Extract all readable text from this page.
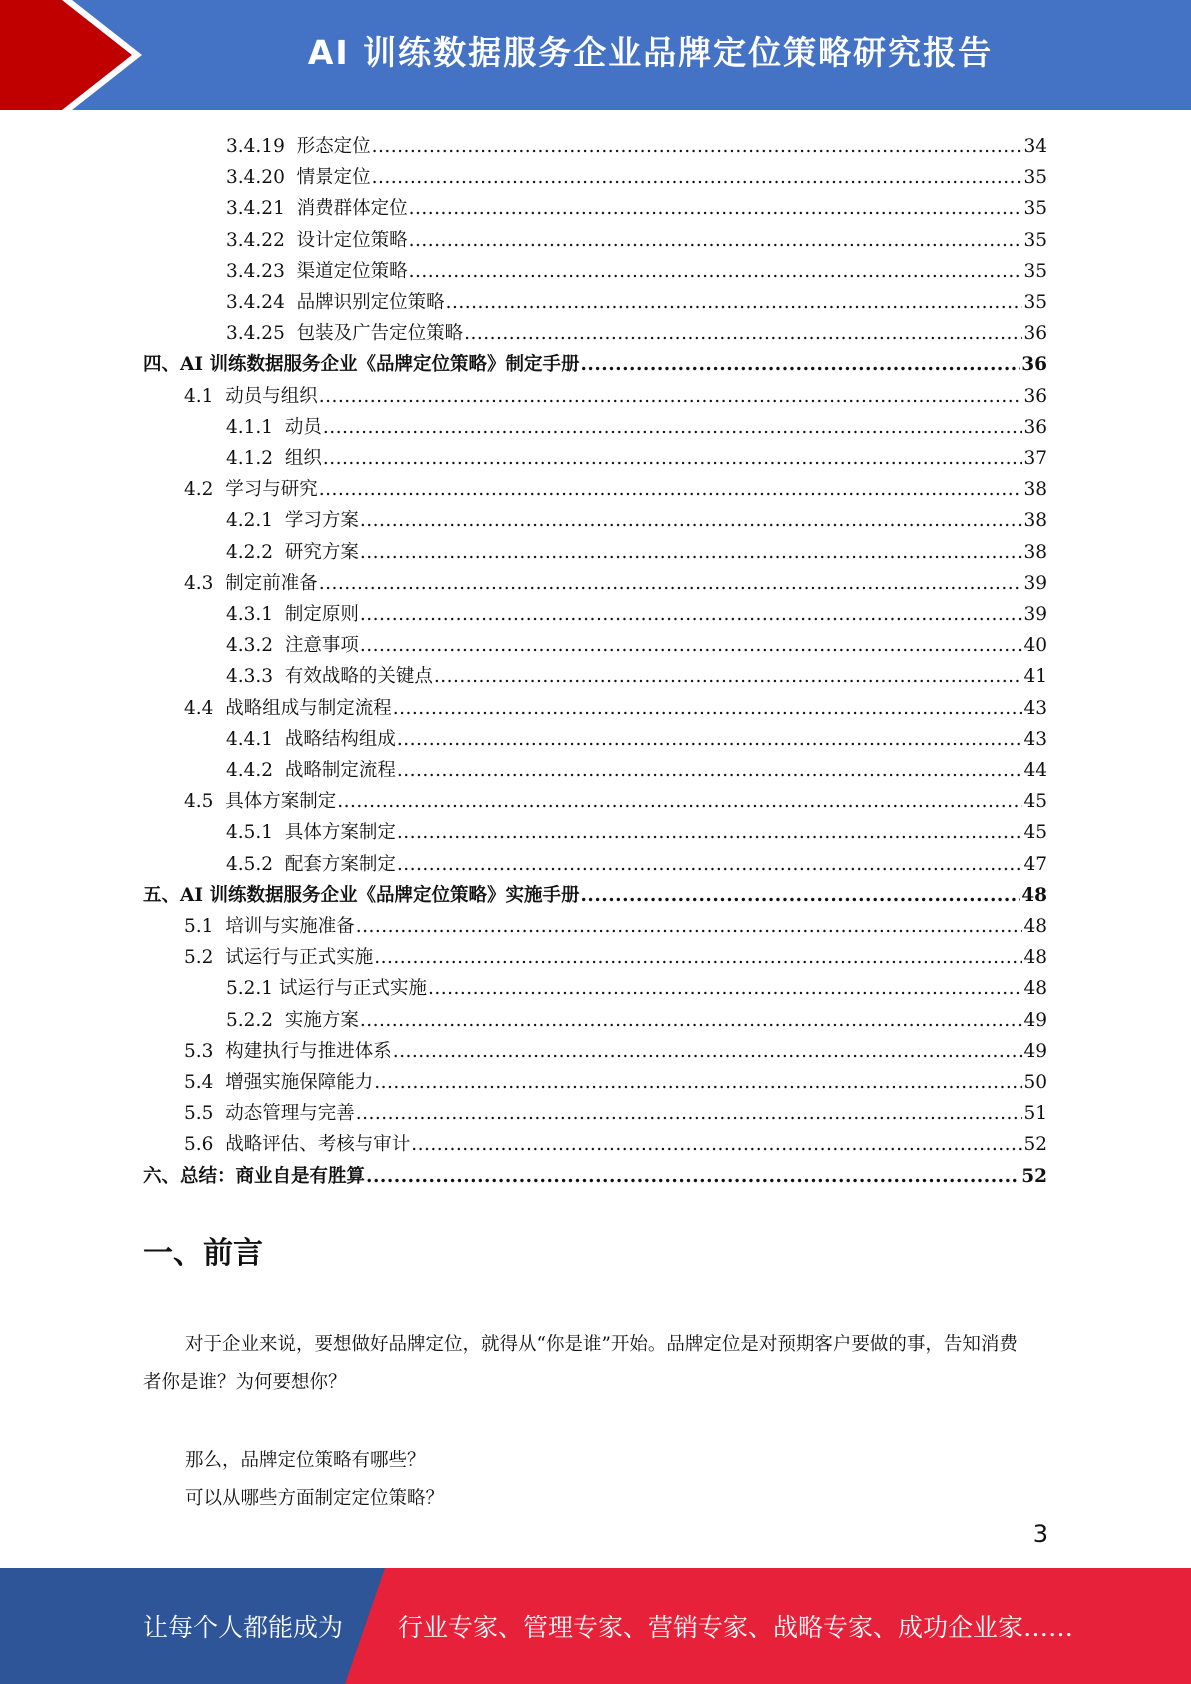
AI 训练数据服务企业品牌定位策略研究报告
3.4.19 形态定位 .....	34
3.4.20 情景定位 .....	35
3.4.21 消费群体定位 .....	35
3.4.22 设计定位策略 .....	35
3.4.23 渠道定位策略 .....	35
3.4.24 品牌识别定位策略 .....	35
3.4.25 包装及广告定位策略 .....	36
四、 AI 训练数据服务企业《品牌定位策略》制定手册 .....	36
4.1 动员与组织 .....	36
4.1.1 动员 .....	36
4.1.2 组织 .....	37
4.2 学习与研究 .....	38
4.2.1 学习方案 .....	38
4.2.2 研究方案 .....	38
4.3 制定前准备 .....	39
4.3.1 制定原则 .....	39
4.3.2 注意事项 .....	40
4.3.3 有效战略的关键点 .....	41
4.4 战略组成与制定流程 .....	43
4.4.1 战略结构组成 .....	43
4.4.2 战略制定流程 .....	44
4.5 具体方案制定 .....	45
4.5.1 具体方案制定 .....	45
4.5.2 配套方案制定 .....	47
五、 AI 训练数据服务企业《品牌定位策略》实施手册 .....	48
5.1 培训与实施准备 .....	48
5.2 试运行与正式实施 .....	48
5.2.1 试运行与正式实施 .....	48
5.2.2 实施方案 .....	49
5.3 构建执行与推进体系 .....	49
5.4 增强实施保障能力 .....	50
5.5 动态管理与完善 .....	51
5.6 战略评估、考核与审计 .....	52
六、 总结：商业自是有胜算 .....	52
一、前言
对于企业来说，要想做好品牌定位，就得从“你是谁”开始。品牌定位是对预期客户要做的事，告知消费者你是谁？为何要想你？
那么，品牌定位策略有哪些？
可以从哪些方面制定定位策略？
3
让每个人都能成为 行业专家、管理专家、营销专家、战略专家、成功企业家……
